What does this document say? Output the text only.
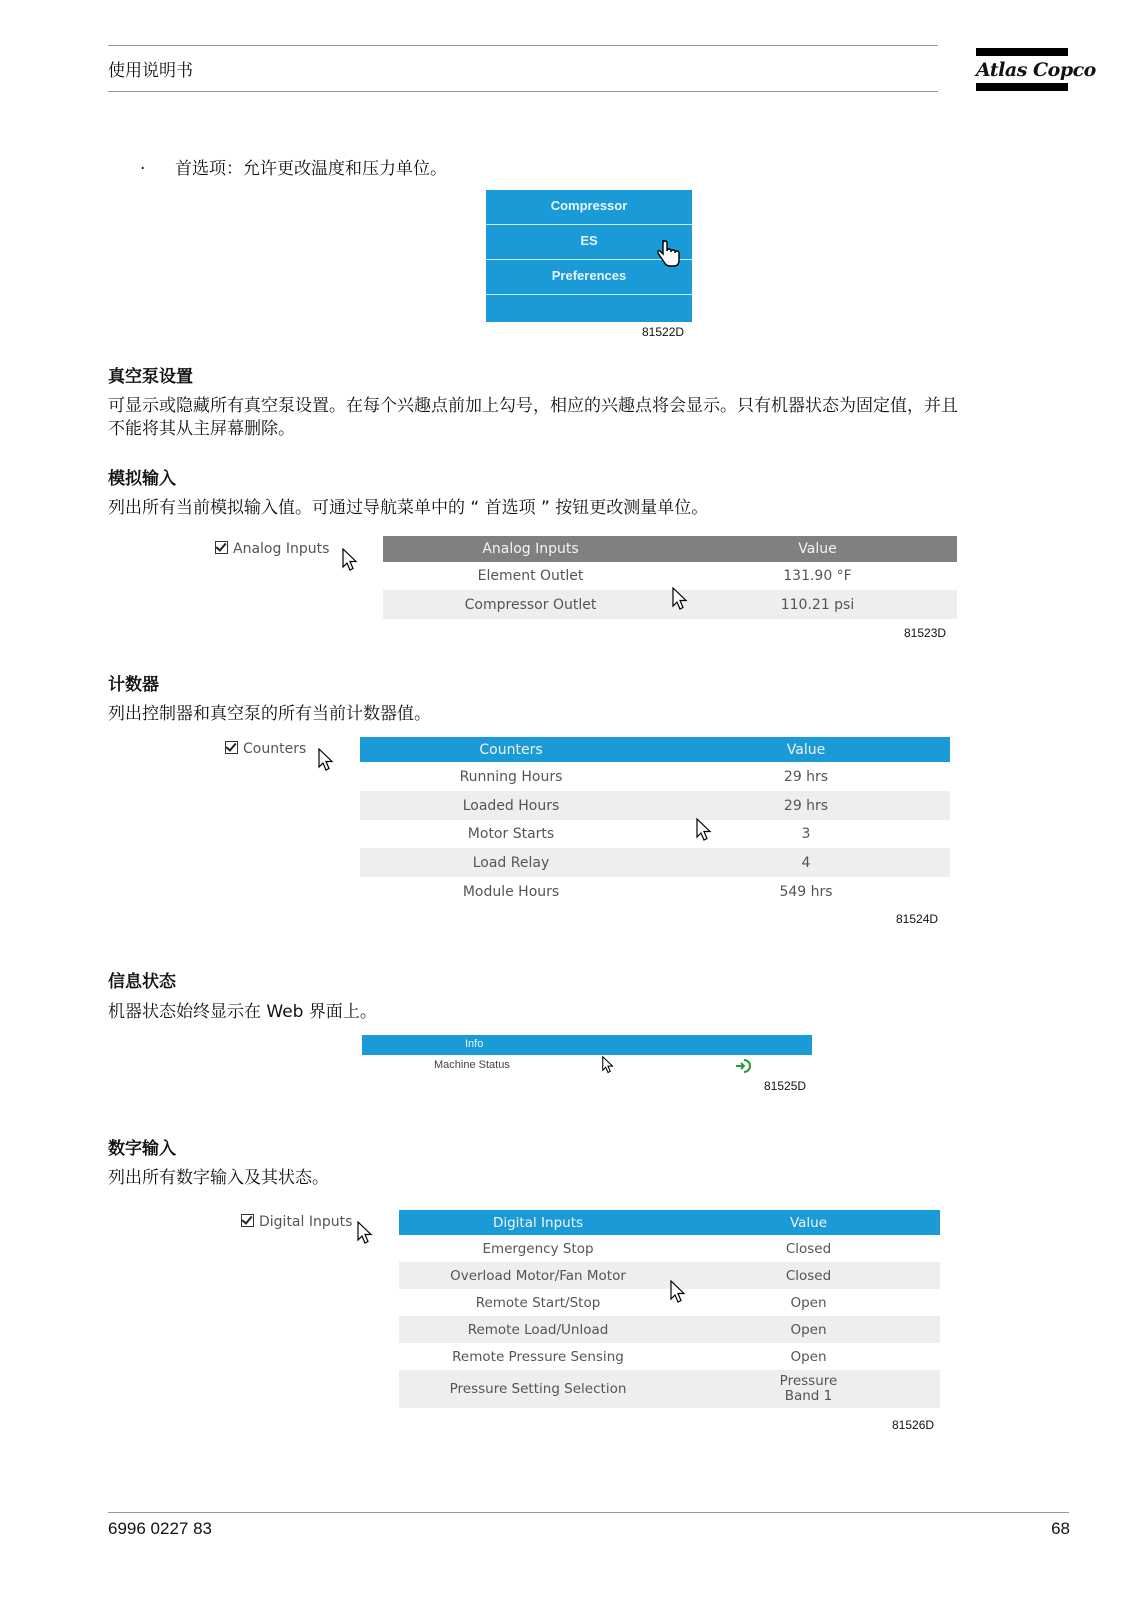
使用说明书	Atlas Copco
· 首选项：允许更改温度和压力单位。
Compressor
ES
Preferences
81522D
真空泵设置
可显示或隐藏所有真空泵设置。在每个兴趣点前加上勾号，相应的兴趣点将会显示。只有机器状态为固定值，并且
不能将其从主屏幕删除。
模拟输入
列出所有当前模拟输入值。可通过导航菜单中的 “ 首选项 ” 按钮更改测量单位。
Analog Inputs	Analog Inputs	Value
Element Outlet	131.90 °F
Compressor Outlet	110.21 psi
81523D
计数器
列出控制器和真空泵的所有当前计数器值。
Counters	Counters	Value
Running Hours	29 hrs
Loaded Hours	29 hrs
Motor Starts	3
Load Relay	4
Module Hours	549 hrs
81524D
信息状态
机器状态始终显示在 Web 界面上。
Info
Machine Status
81525D
数字输入
列出所有数字输入及其状态。
Digital Inputs	Digital Inputs	Value
Emergency Stop	Closed
Overload Motor/Fan Motor	Closed
Remote Start/Stop	Open
Remote Load/Unload	Open
Remote Pressure Sensing	Open
Pressure Setting Selection	Pressure
Band 1
81526D
6996 0227 83	68
